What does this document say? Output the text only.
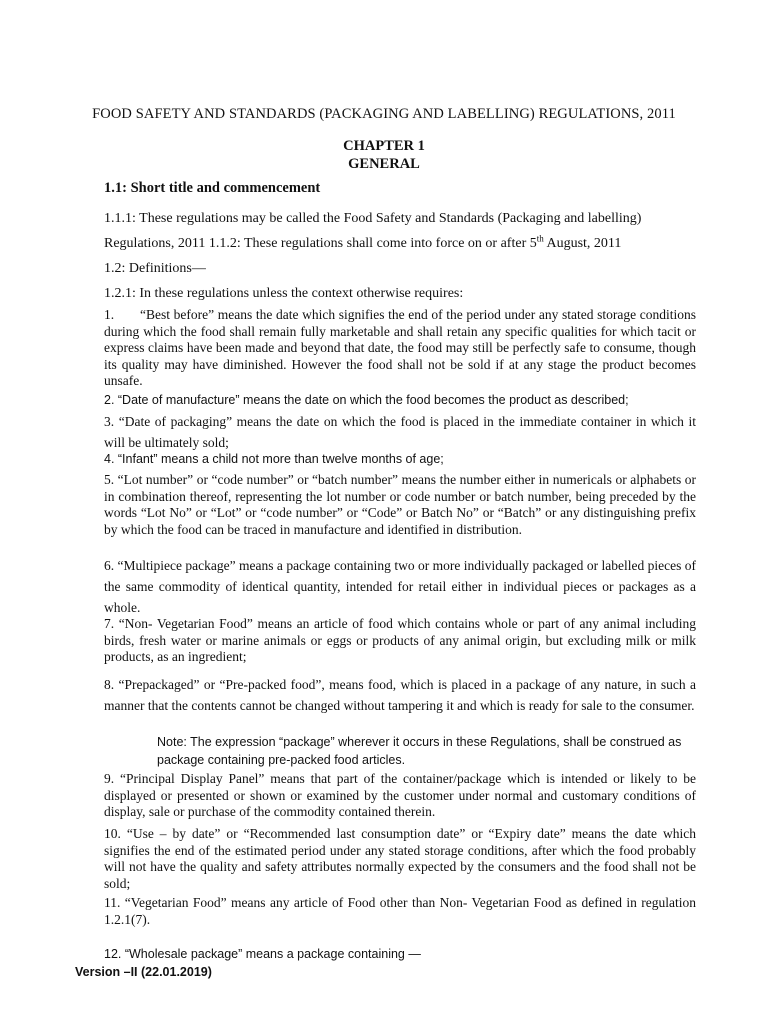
FOOD SAFETY AND STANDARDS (PACKAGING AND LABELLING) REGULATIONS, 2011
CHAPTER 1
GENERAL
1.1: Short title and commencement
1.1.1: These regulations may be called the Food Safety and Standards (Packaging and labelling)
Regulations, 2011 1.1.2: These regulations shall come into force on or after 5th August, 2011
1.2: Definitions—
1.2.1: In these regulations unless the context otherwise requires:
1. “Best before” means the date which signifies the end of the period under any stated storage conditions during which the food shall remain fully marketable and shall retain any specific qualities for which tacit or express claims have been made and beyond that date, the food may still be perfectly safe to consume, though its quality may have diminished. However the food shall not be sold if at any stage the product becomes unsafe.
2. “Date of manufacture” means the date on which the food becomes the product as described;
3. “Date of packaging” means the date on which the food is placed in the immediate container in which it will be ultimately sold;
4. “Infant” means a child not more than twelve months of age;
5. “Lot number” or “code number” or “batch number” means the number either in numericals or alphabets or in combination thereof, representing the lot number or code number or batch number, being preceded by the words “Lot No” or “Lot” or “code number” or “Code” or Batch No” or “Batch” or any distinguishing prefix by which the food can be traced in manufacture and identified in distribution.
6. “Multipiece package” means a package containing two or more individually packaged or labelled pieces of the same commodity of identical quantity, intended for retail either in individual pieces or packages as a whole.
7. “Non- Vegetarian Food” means an article of food which contains whole or part of any animal including birds, fresh water or marine animals or eggs or products of any animal origin, but excluding milk or milk products, as an ingredient;
8. “Prepackaged” or “Pre-packed food”, means food, which is placed in a package of any nature, in such a manner that the contents cannot be changed without tampering it and which is ready for sale to the consumer.
Note: The expression “package” wherever it occurs in these Regulations, shall be construed as package containing pre-packed food articles.
9. “Principal Display Panel” means that part of the container/package which is intended or likely to be displayed or presented or shown or examined by the customer under normal and customary conditions of display, sale or purchase of the commodity contained therein.
10. “Use – by date” or “Recommended last consumption date” or “Expiry date” means the date which signifies the end of the estimated period under any stated storage conditions, after which the food probably will not have the quality and safety attributes normally expected by the consumers and the food shall not be sold;
11. “Vegetarian Food” means any article of Food other than Non- Vegetarian Food as defined in regulation 1.2.1(7).
12. “Wholesale package” means a package containing —
Version –II (22.01.2019)
